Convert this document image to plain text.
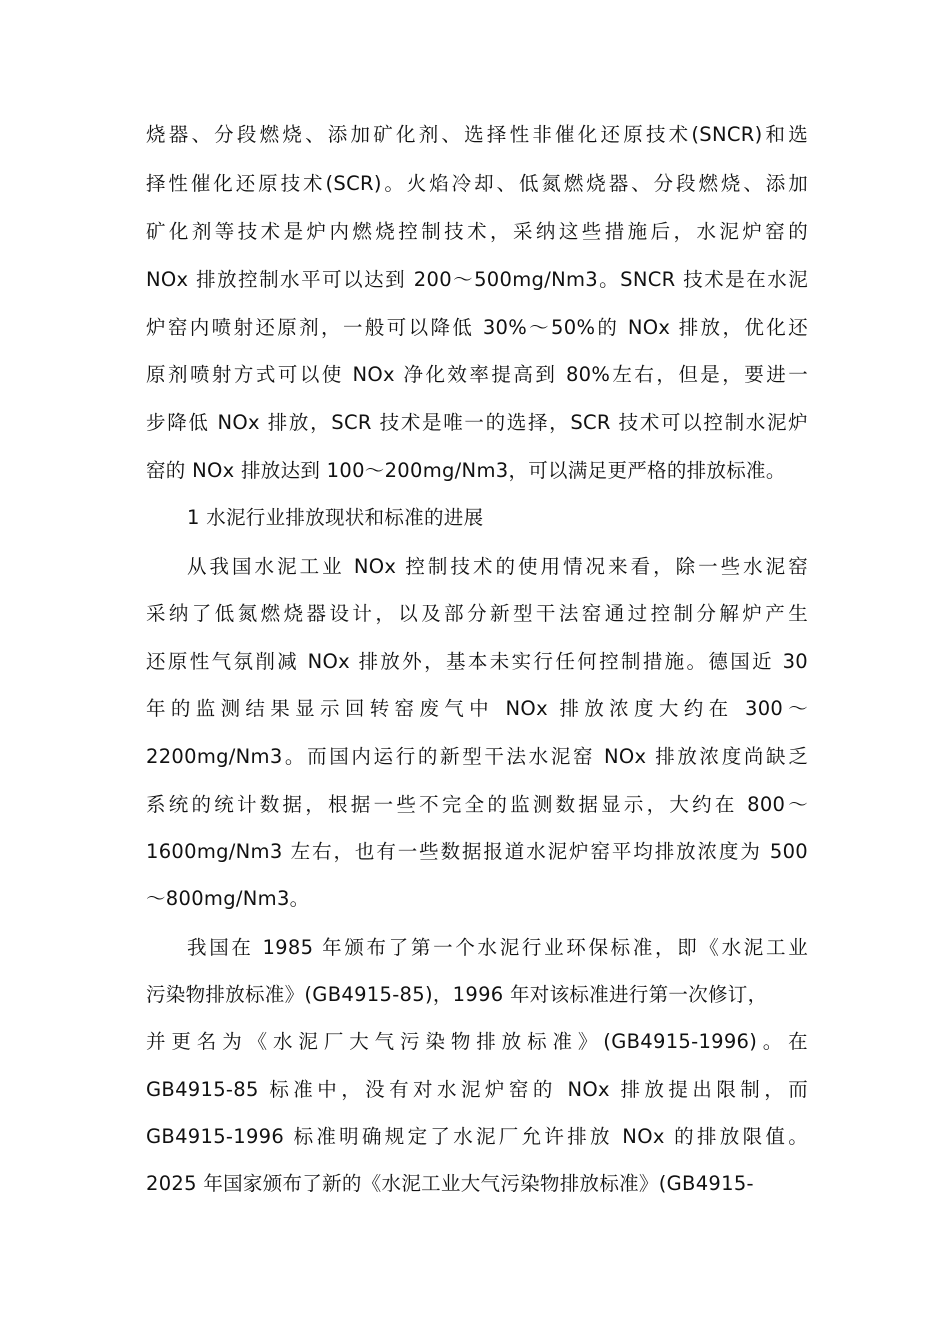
烧器、分段燃烧、添加矿化剂、选择性非催化还原技术(SNCR)和选
择性催化还原技术(SCR)。火焰冷却、低氮燃烧器、分段燃烧、添加
矿化剂等技术是炉内燃烧控制技术，采纳这些措施后，水泥炉窑的
NOx 排放控制水平可以达到 200～500mg/Nm3。SNCR 技术是在水泥
炉窑内喷射还原剂，一般可以降低 30%～50%的 NOx 排放，优化还
原剂喷射方式可以使 NOx 净化效率提高到 80%左右，但是，要进一
步降低 NOx 排放，SCR 技术是唯一的选择，SCR 技术可以控制水泥炉
窑的 NOx 排放达到 100～200mg/Nm3，可以满足更严格的排放标准。
1 水泥行业排放现状和标准的进展
从我国水泥工业 NOx 控制技术的使用情况来看，除一些水泥窑
采纳了低氮燃烧器设计，以及部分新型干法窑通过控制分解炉产生
还原性气氛削减 NOx 排放外，基本未实行任何控制措施。德国近 30
年的监测结果显示回转窑废气中 NOx 排放浓度大约在 300～
2200mg/Nm3。而国内运行的新型干法水泥窑 NOx 排放浓度尚缺乏
系统的统计数据，根据一些不完全的监测数据显示，大约在 800～
1600mg/Nm3 左右，也有一些数据报道水泥炉窑平均排放浓度为 500
～800mg/Nm3。
我国在 1985 年颁布了第一个水泥行业环保标准，即《水泥工业
污染物排放标准》(GB4915-85)，1996 年对该标准进行第一次修订，
并更名为《水泥厂大气污染物排放标准》(GB4915-1996)。在
GB4915-85 标准中，没有对水泥炉窑的 NOx 排放提出限制，而
GB4915-1996 标准明确规定了水泥厂允许排放 NOx 的排放限值。
2025 年国家颁布了新的《水泥工业大气污染物排放标准》(GB4915-
